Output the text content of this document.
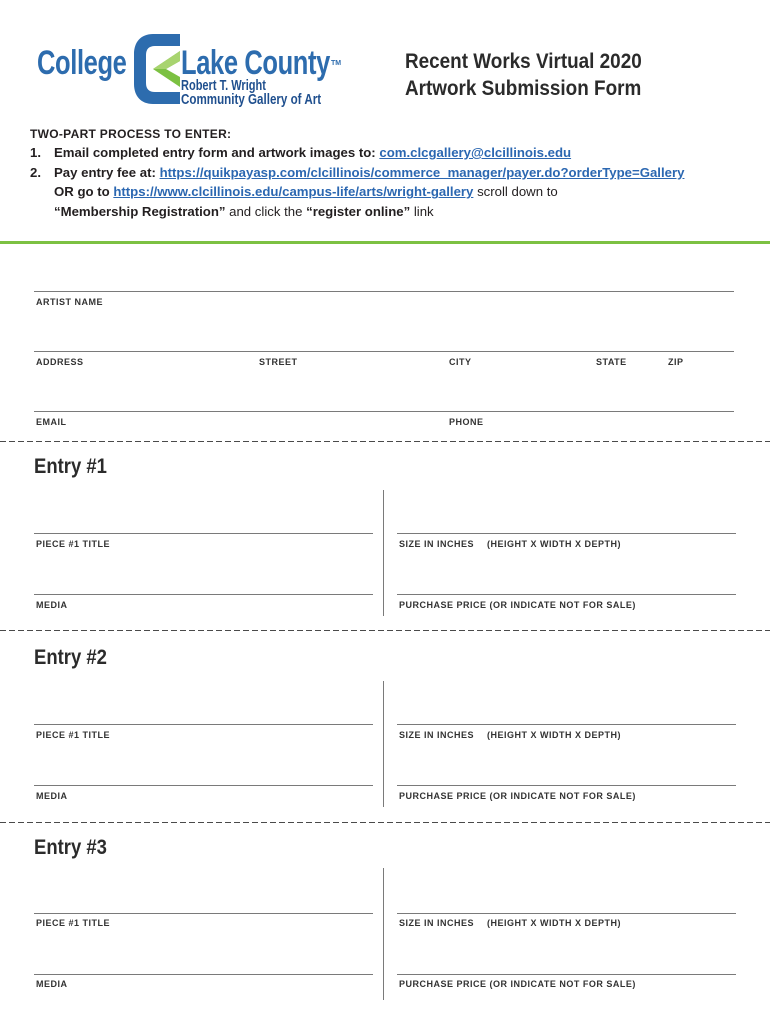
College Lake County TM
Robert T. Wright
Community Gallery of Art
Recent Works Virtual 2020
Artwork Submission Form
TWO-PART PROCESS TO ENTER:
1. Email completed entry form and artwork images to: com.clcgallery@clcillinois.edu
2. Pay entry fee at: https://quikpayasp.com/clcillinois/commerce_manager/payer.do?orderType=Gallery
OR go to https://www.clcillinois.edu/campus-life/arts/wright-gallery scroll down to
“Membership Registration” and click the “register online” link
ARTIST NAME
ADDRESS	STREET	CITY	STATE	ZIP
EMAIL	PHONE
Entry #1
PIECE #1 TITLE	SIZE IN INCHES (HEIGHT X WIDTH X DEPTH)
MEDIA	PURCHASE PRICE (OR INDICATE NOT FOR SALE)
Entry #2
PIECE #1 TITLE	SIZE IN INCHES (HEIGHT X WIDTH X DEPTH)
MEDIA	PURCHASE PRICE (OR INDICATE NOT FOR SALE)
Entry #3
PIECE #1 TITLE	SIZE IN INCHES (HEIGHT X WIDTH X DEPTH)
MEDIA	PURCHASE PRICE (OR INDICATE NOT FOR SALE)
